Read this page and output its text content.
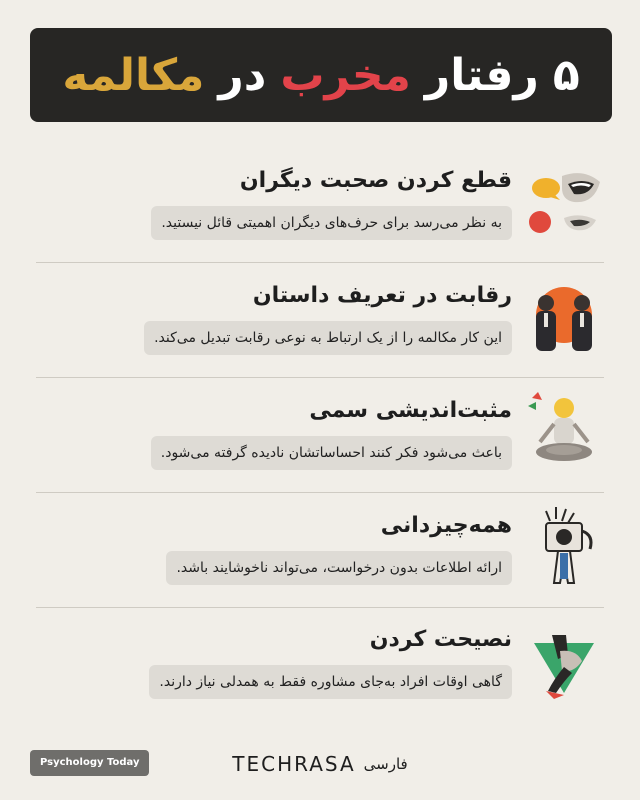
۵
رفتار
مخرب
در
مکالمه
قطع کردن صحبت دیگران
به نظر می‌رسد برای حرف‌های دیگران اهمیتی قائل نیستید.
رقابت در تعریف داستان
این کار مکالمه را از یک ارتباط به نوعی رقابت تبدیل می‌کند.
مثبت‌اندیشی سمی
باعث می‌شود فکر کنند احساساتشان نادیده گرفته می‌شود.
همه‌چیزدانی
ارائه اطلاعات بدون درخواست، می‌تواند ناخوشایند باشد.
نصیحت کردن
گاهی اوقات افراد به‌جای مشاوره فقط به همدلی نیاز دارند.
Psychology Today	TECHRASA فارسی
